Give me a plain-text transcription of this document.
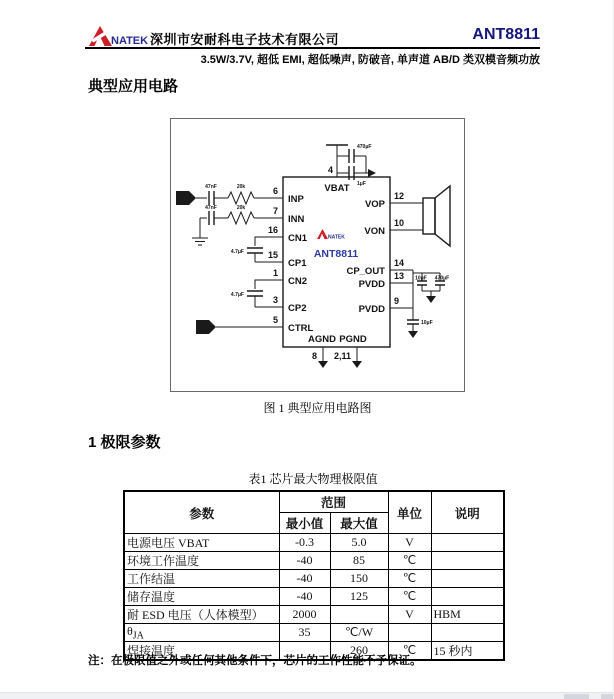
NATEK 深圳市安耐科电子技术有限公司	ANT8811
3.5W/3.7V, 超低 EMI, 超低噪声, 防破音, 单声道 AB/D 类双模音频功放
典型应用电路
470μF
1μF
4
VBAT
47nF	20k	6
INP
47nF	20k	7
INN
4.7μF
16
CN1
15
CP1
4.7μF
1
CN2
3
CP2
5
CTRL
12
VOP
10
VON
14
CP_OUT 13
PVDD
9
PVDD
10μF 470μF
10μF
AGND PGND
8 2,11
NATEK
ANT8811
图 1 典型应用电路图
1 极限参数
表1 芯片最大物理极限值
参数	范围		单位	说明
	最小值	最大值		
电源电压 VBAT	-0.3	5.0	V	
环境工作温度	-40	85	℃	
工作结温	-40	150	℃	
储存温度	-40	125	℃	
耐 ESD 电压（人体模型）	2000		V	HBM
$\theta_{JA}$	35	℃/W		
焊接温度		260	℃	15 秒内
注：在极限值之外或任何其他条件下，芯片的工作性能不予保证。
